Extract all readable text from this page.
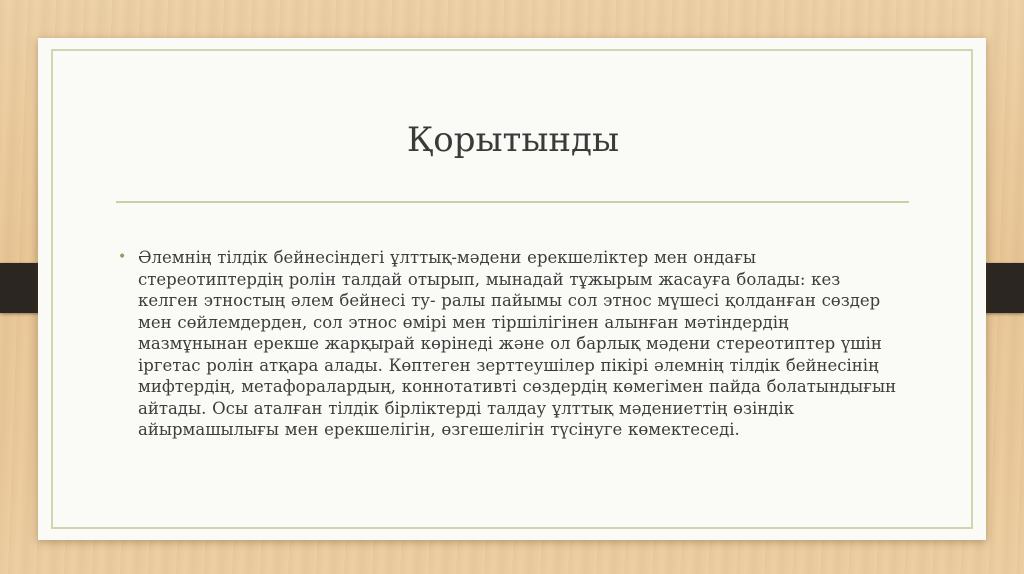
Қорытынды
• Әлемнің тілдік бейнесіндегі ұлттық-мәдени ерекшеліктер мен ондағы стереотиптердің ролін талдай отырып, мынадай тұжырым жасауға болады: кез келген этностың әлем бейнесі ту- ралы пайымы сол этнос мүшесі қолданған сөздер мен сөйлемдерден, сол этнос өмірі мен тіршілігінен алынған мәтіндердің мазмұнынан ерекше жарқырай көрінеді және ол барлық мәдени стереотиптер үшін іргетас ролін атқара алады. Көптеген зерттеушілер пікірі әлемнің тілдік бейнесінің мифтердің, метафоралардың, коннотативті сөздердің көмегімен пайда болатындығын айтады. Осы аталған тілдік бірліктерді талдау ұлттық мәдениеттің өзіндік айырмашылығы мен ерекшелігін, өзгешелігін түсінуге көмектеседі.
